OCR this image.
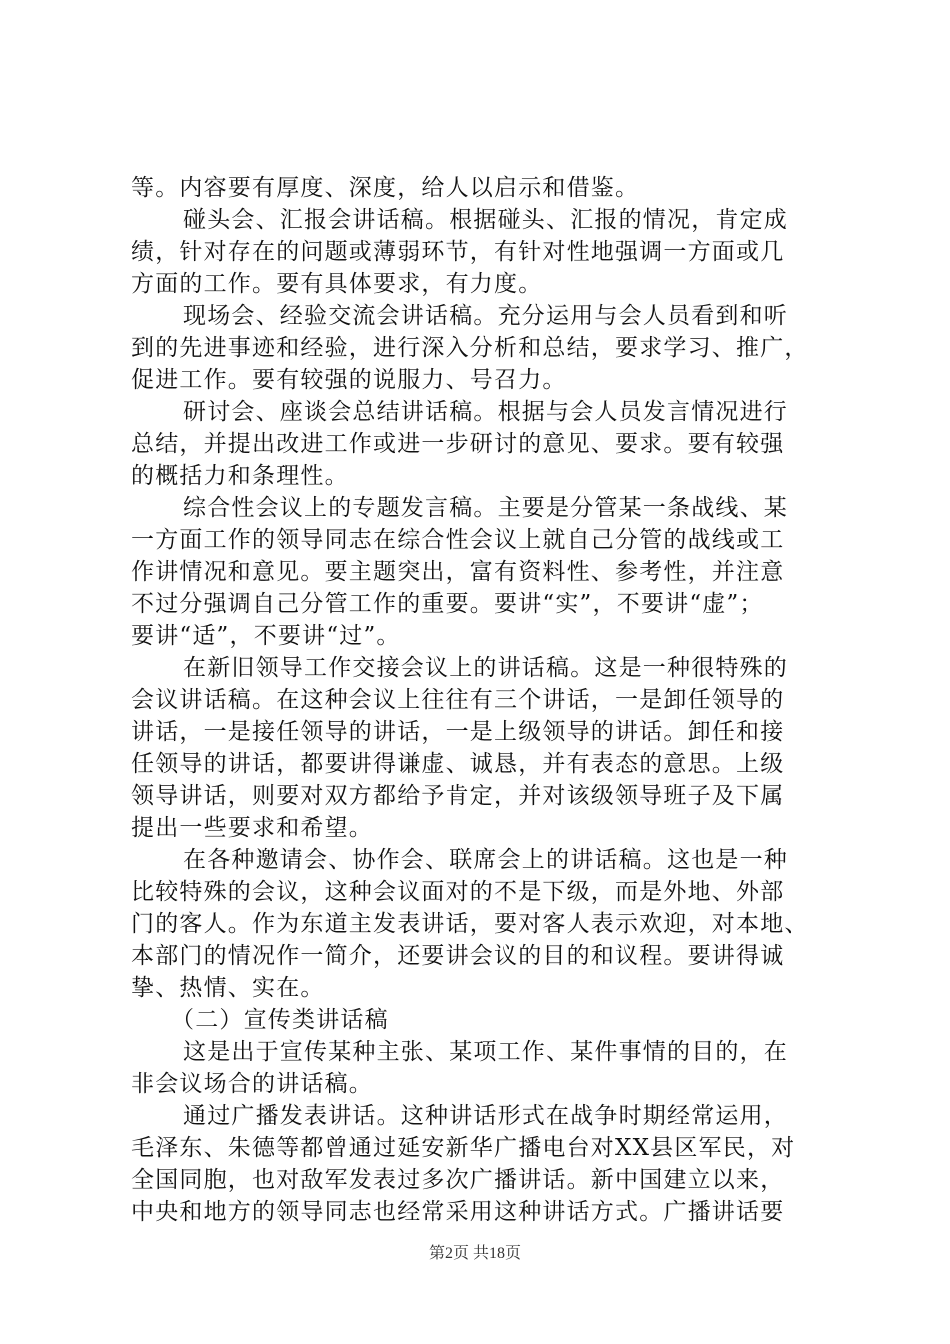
等。内容要有厚度、深度，给人以启示和借鉴。
碰头会、汇报会讲话稿。根据碰头、汇报的情况，肯定成
绩，针对存在的问题或薄弱环节，有针对性地强调一方面或几
方面的工作。要有具体要求，有力度。
现场会、经验交流会讲话稿。充分运用与会人员看到和听
到的先进事迹和经验，进行深入分析和总结，要求学习、推广，
促进工作。要有较强的说服力、号召力。
研讨会、座谈会总结讲话稿。根据与会人员发言情况进行
总结，并提出改进工作或进一步研讨的意见、要求。要有较强
的概括力和条理性。
综合性会议上的专题发言稿。主要是分管某一条战线、某
一方面工作的领导同志在综合性会议上就自己分管的战线或工
作讲情况和意见。要主题突出，富有资料性、参考性，并注意
不过分强调自己分管工作的重要。要讲“实”，不要讲“虚”；
要讲“适”，不要讲“过”。
在新旧领导工作交接会议上的讲话稿。这是一种很特殊的
会议讲话稿。在这种会议上往往有三个讲话，一是卸任领导的
讲话，一是接任领导的讲话，一是上级领导的讲话。卸任和接
任领导的讲话，都要讲得谦虚、诚恳，并有表态的意思。上级
领导讲话，则要对双方都给予肯定，并对该级领导班子及下属
提出一些要求和希望。
在各种邀请会、协作会、联席会上的讲话稿。这也是一种
比较特殊的会议，这种会议面对的不是下级，而是外地、外部
门的客人。作为东道主发表讲话，要对客人表示欢迎，对本地、
本部门的情况作一简介，还要讲会议的目的和议程。要讲得诚
挚、热情、实在。
（二）宣传类讲话稿
这是出于宣传某种主张、某项工作、某件事情的目的，在
非会议场合的讲话稿。
通过广播发表讲话。这种讲话形式在战争时期经常运用，
毛泽东、朱德等都曾通过延安新华广播电台对XX县区军民，对
全国同胞，也对敌军发表过多次广播讲话。新中国建立以来，
中央和地方的领导同志也经常采用这种讲话方式。广播讲话要
第2页 共18页
